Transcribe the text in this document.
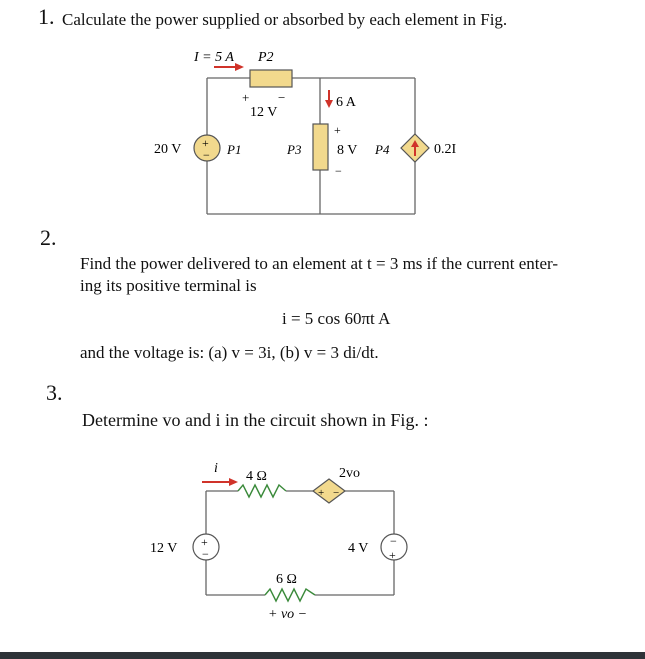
1. Calculate the power supplied or absorbed by each element in Fig.
I = 5 A P2
+ −
12 V
+
−
20 V	P1	P3
6 A
+
8 V
−
P4	0.2I
2.
Find the power delivered to an element at t = 3 ms if the current enter-
ing its positive terminal is
i = 5 cos 60πt A
and the voltage is: (a) v = 3i, (b) v = 3 di/dt.
3.
Determine vo and i in the circuit shown in Fig. :
i
4 Ω
+ −
2vo
+
−
12 V	−
+
4 V
6 Ω
+ vo −
